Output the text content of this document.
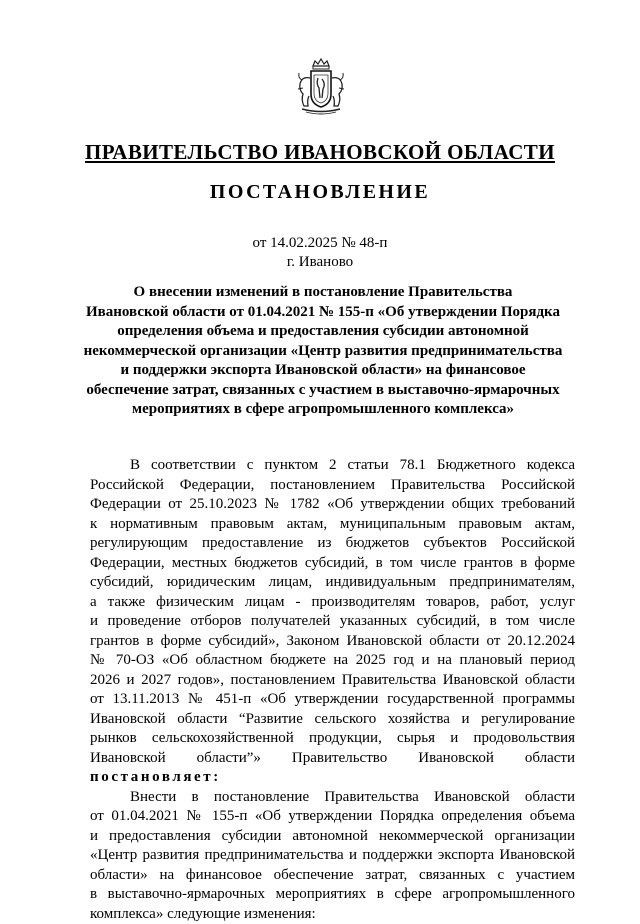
ПРАВИТЕЛЬСТВО ИВАНОВСКОЙ ОБЛАСТИ
ПОСТАНОВЛЕНИЕ
от 14.02.2025 № 48-п
г. Иваново
О внесении изменений в постановление Правительства
Ивановской области от 01.04.2021 № 155-п «Об утверждении Порядка
определения объема и предоставления субсидии автономной
некоммерческой организации «Центр развития предпринимательства
и поддержки экспорта Ивановской области» на финансовое
обеспечение затрат, связанных с участием в выставочно-ярмарочных
мероприятиях в сфере агропромышленного комплекса»

В соответствии с пунктом 2 статьи 78.1 Бюджетного кодекса
Российской Федерации, постановлением Правительства Российской
Федерации от 25.10.2023 № 1782 «Об утверждении общих требований
к нормативным правовым актам, муниципальным правовым актам,
регулирующим предоставление из бюджетов субъектов Российской
Федерации, местных бюджетов субсидий, в том числе грантов в форме
субсидий, юридическим лицам, индивидуальным предпринимателям,
а также физическим лицам - производителям товаров, работ, услуг
и проведение отборов получателей указанных субсидий, в том числе
грантов в форме субсидий», Законом Ивановской области от 20.12.2024
№ 70-ОЗ «Об областном бюджете на 2025 год и на плановый период
2026 и 2027 годов», постановлением Правительства Ивановской области
от 13.11.2013 № 451-п «Об утверждении государственной программы
Ивановской области “Развитие сельского хозяйства и регулирование
рынков сельскохозяйственной продукции, сырья и продовольствия
Ивановской области”» Правительство Ивановской области
постановляет:

Внести в постановление Правительства Ивановской области
от 01.04.2021 № 155-п «Об утверждении Порядка определения объема
и предоставления субсидии автономной некоммерческой организации
«Центр развития предпринимательства и поддержки экспорта Ивановской
области» на финансовое обеспечение затрат, связанных с участием
в выставочно-ярмарочных мероприятиях в сфере агропромышленного
комплекса» следующие изменения:
